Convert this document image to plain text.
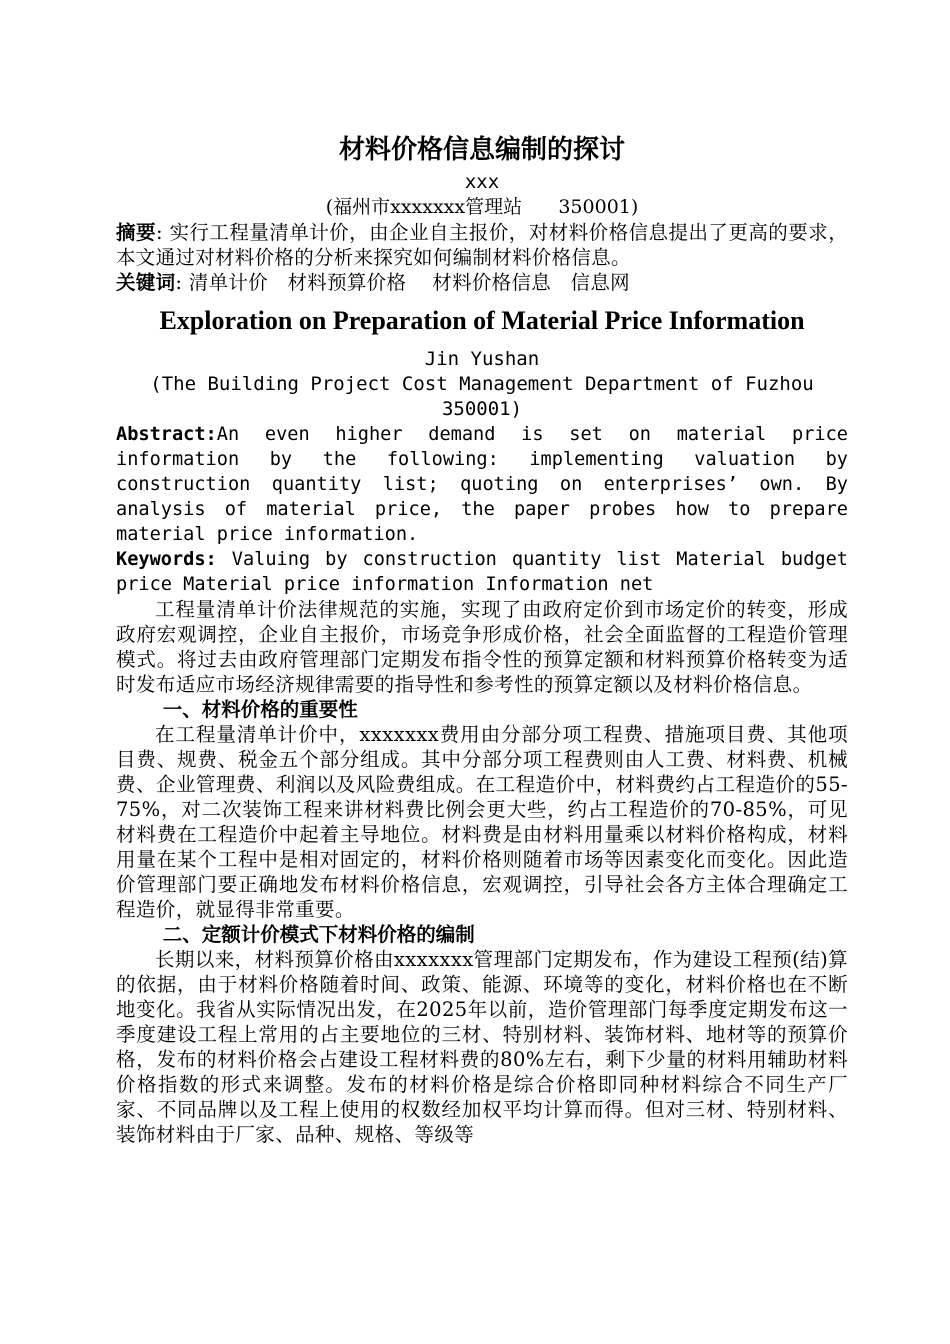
材料价格信息编制的探讨

xxx

(福州市xxxxxxx管理站      350001)

摘要: 实行工程量清单计价，由企业自主报价，对材料价格信息提出了更高的要求，本文通过对材料价格的分析来探究如何编制材料价格信息。

关键词: 清单计价   材料预算价格    材料价格信息   信息网

Exploration on Preparation of Material Price Information

Jin Yushan

(The Building Project Cost Management Department of Fuzhou

350001)

Abstract:An even higher demand is set on material price information by the following: implementing valuation by construction quantity list; quoting on enterprises’ own. By analysis of material price, the paper probes how to prepare material price information.

Keywords: Valuing by construction quantity list Material budget price Material price information Information net

工程量清单计价法律规范的实施，实现了由政府定价到市场定价的转变，形成政府宏观调控，企业自主报价，市场竞争形成价格，社会全面监督的工程造价管理模式。将过去由政府管理部门定期发布指令性的预算定额和材料预算价格转变为适时发布适应市场经济规律需要的指导性和参考性的预算定额以及材料价格信息。

一、材料价格的重要性

在工程量清单计价中，xxxxxxx费用由分部分项工程费、措施项目费、其他项目费、规费、税金五个部分组成。其中分部分项工程费则由人工费、材料费、机械费、企业管理费、利润以及风险费组成。在工程造价中，材料费约占工程造价的55-75%，对二次装饰工程来讲材料费比例会更大些，约占工程造价的70-85%，可见材料费在工程造价中起着主导地位。材料费是由材料用量乘以材料价格构成，材料用量在某个工程中是相对固定的，材料价格则随着市场等因素变化而变化。因此造价管理部门要正确地发布材料价格信息，宏观调控，引导社会各方主体合理确定工程造价，就显得非常重要。

二、定额计价模式下材料价格的编制

长期以来，材料预算价格由xxxxxxx管理部门定期发布，作为建设工程预(结)算的依据，由于材料价格随着时间、政策、能源、环境等的变化，材料价格也在不断地变化。我省从实际情况出发，在2025年以前，造价管理部门每季度定期发布这一季度建设工程上常用的占主要地位的三材、特别材料、装饰材料、地材等的预算价格，发布的材料价格会占建设工程材料费的80%左右，剩下少量的材料用辅助材料价格指数的形式来调整。发布的材料价格是综合价格即同种材料综合不同生产厂家、不同品牌以及工程上使用的权数经加权平均计算而得。但对三材、特别材料、装饰材料由于厂家、品种、规格、等级等
